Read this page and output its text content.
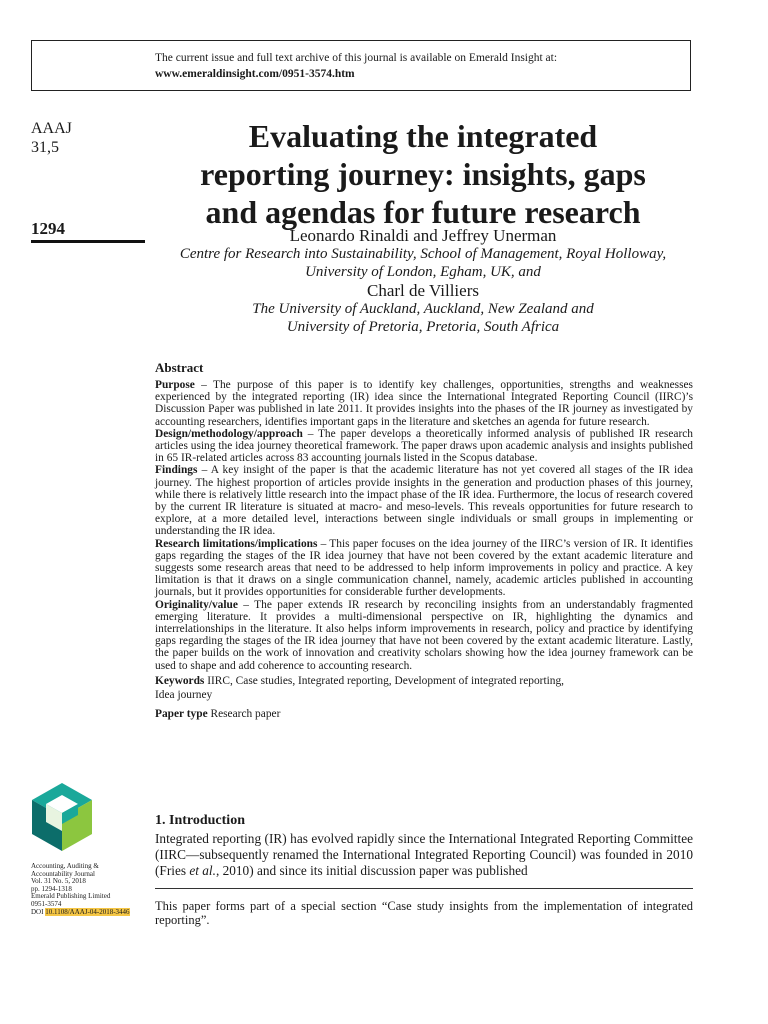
The current issue and full text archive of this journal is available on Emerald Insight at:
www.emeraldinsight.com/0951-3574.htm
AAAJ
31,5
1294
Evaluating the integrated
reporting journey: insights, gaps
and agendas for future research
Leonardo Rinaldi and Jeffrey Unerman
Centre for Research into Sustainability, School of Management, Royal Holloway,
University of London, Egham, UK, and
Charl de Villiers
The University of Auckland, Auckland, New Zealand and
University of Pretoria, Pretoria, South Africa
Abstract

Purpose – The purpose of this paper is to identify key challenges, opportunities, strengths and weaknesses experienced by the integrated reporting (IR) idea since the International Integrated Reporting Council (IIRC)’s Discussion Paper was published in late 2011. It provides insights into the phases of the IR journey as investigated by accounting researchers, identifies important gaps in the literature and sketches an agenda for future research.

Design/methodology/approach – The paper develops a theoretically informed analysis of published IR research articles using the idea journey theoretical framework. The paper draws upon academic analysis and insights published in 65 IR-related articles across 83 accounting journals listed in the Scopus database.

Findings – A key insight of the paper is that the academic literature has not yet covered all stages of the IR idea journey. The highest proportion of articles provide insights in the generation and production phases of this journey, while there is relatively little research into the impact phase of the IR idea. Furthermore, the locus of research covered by the current IR literature is situated at macro- and meso-levels. This reveals opportunities for future research to explore, at a more detailed level, interactions between single individuals or small groups in implementing or understanding the IR idea.

Research limitations/implications – This paper focuses on the idea journey of the IIRC’s version of IR. It identifies gaps regarding the stages of the IR idea journey that have not been covered by the extant academic literature and suggests some research areas that need to be addressed to help inform improvements in policy and practice. A key limitation is that it draws on a single communication channel, namely, academic articles published in accounting journals, but it provides opportunities for considerable further developments.

Originality/value – The paper extends IR research by reconciling insights from an understandably fragmented emerging literature. It provides a multi-dimensional perspective on IR, highlighting the dynamics and interrelationships in the literature. It also helps inform improvements in research, policy and practice by identifying gaps regarding the stages of the IR idea journey that have not been covered by the extant academic literature. Lastly, the paper builds on the work of innovation and creativity scholars showing how the idea journey framework can be used to shape and add coherence to accounting research.

Keywords IIRC, Case studies, Integrated reporting, Development of integrated reporting,
Idea journey
Paper type Research paper
1. Introduction

Integrated reporting (IR) has evolved rapidly since the International Integrated Reporting Committee (IIRC—subsequently renamed the International Integrated Reporting Council) was founded in 2010 (Fries et al., 2010) and since its initial discussion paper was published

This paper forms part of a special section “Case study insights from the implementation of integrated reporting”.
Accounting, Auditing &
Accountability Journal
Vol. 31 No. 5, 2018
pp. 1294-1318
Emerald Publishing Limited
0951-3574
DOI 10.1108/AAAJ-04-2018-3446
